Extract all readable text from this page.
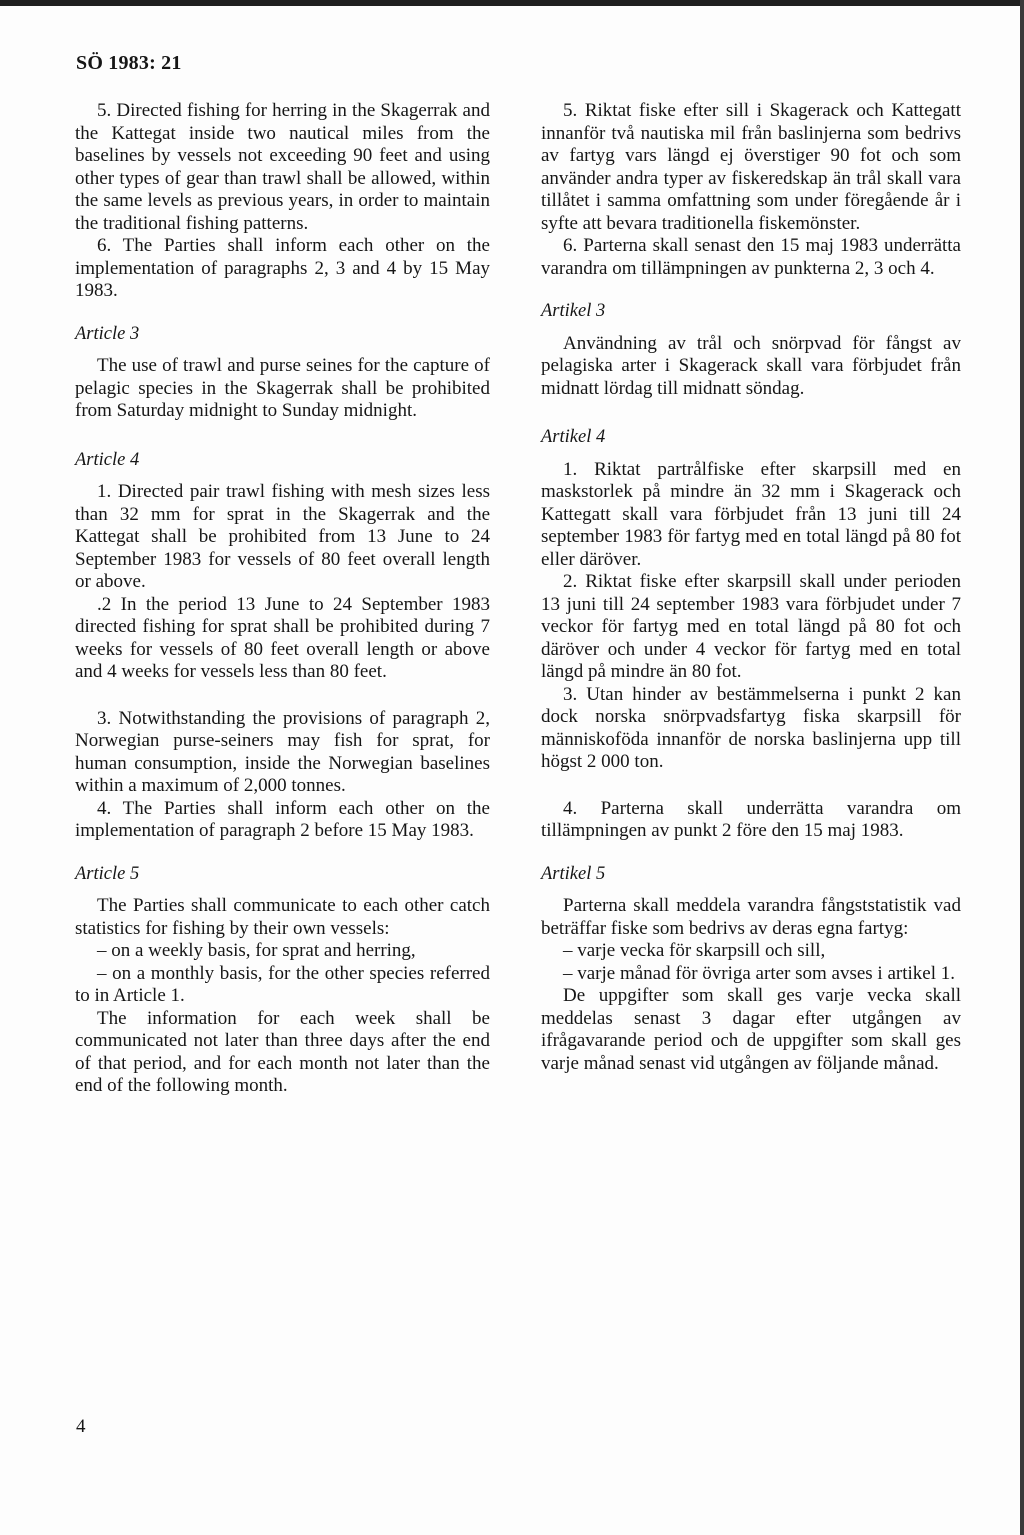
SÖ 1983: 21

5. Directed fishing for herring in the Skagerrak and the Kattegat inside two nautical miles from the baselines by vessels not exceeding 90 feet and using other types of gear than trawl shall be allowed, within the same levels as previous years, in order to maintain the traditional fishing patterns.

6. The Parties shall inform each other on the implementation of paragraphs 2, 3 and 4 by 15 May 1983.

Article 3

The use of trawl and purse seines for the capture of pelagic species in the Skagerrak shall be prohibited from Saturday midnight to Sunday midnight.

Article 4

1. Directed pair trawl fishing with mesh sizes less than 32 mm for sprat in the Skagerrak and the Kattegat shall be prohibited from 13 June to 24 September 1983 for vessels of 80 feet overall length or above.

.2 In the period 13 June to 24 September 1983 directed fishing for sprat shall be prohibited during 7 weeks for vessels of 80 feet overall length or above and 4 weeks for vessels less than 80 feet.

3. Notwithstanding the provisions of paragraph 2, Norwegian purse-seiners may fish for sprat, for human consumption, inside the Norwegian baselines within a maximum of 2,000 tonnes.

4. The Parties shall inform each other on the implementation of paragraph 2 before 15 May 1983.

Article 5

The Parties shall communicate to each other catch statistics for fishing by their own vessels:

– on a weekly basis, for sprat and herring,

– on a monthly basis, for the other species referred to in Article 1.

The information for each week shall be communicated not later than three days after the end of that period, and for each month not later than the end of the following month.

5. Riktat fiske efter sill i Skagerack och Kattegatt innanför två nautiska mil från baslinjerna som bedrivs av fartyg vars längd ej överstiger 90 fot och som använder andra typer av fiskeredskap än trål skall vara tillåtet i samma omfattning som under föregående år i syfte att bevara traditionella fiskemönster.

6. Parterna skall senast den 15 maj 1983 underrätta varandra om tillämpningen av punkterna 2, 3 och 4.

Artikel 3

Användning av trål och snörpvad för fångst av pelagiska arter i Skagerack skall vara förbjudet från midnatt lördag till midnatt söndag.

Artikel 4

1. Riktat partrålfiske efter skarpsill med en maskstorlek på mindre än 32 mm i Skagerack och Kattegatt skall vara förbjudet från 13 juni till 24 september 1983 för fartyg med en total längd på 80 fot eller däröver.

2. Riktat fiske efter skarpsill skall under perioden 13 juni till 24 september 1983 vara förbjudet under 7 veckor för fartyg med en total längd på 80 fot och däröver och under 4 veckor för fartyg med en total längd på mindre än 80 fot.

3. Utan hinder av bestämmelserna i punkt 2 kan dock norska snörpvadsfartyg fiska skarpsill för människoföda innanför de norska baslinjerna upp till högst 2 000 ton.

4. Parterna skall underrätta varandra om tillämpningen av punkt 2 före den 15 maj 1983.

Artikel 5

Parterna skall meddela varandra fångststatistik vad beträffar fiske som bedrivs av deras egna fartyg:

– varje vecka för skarpsill och sill,

– varje månad för övriga arter som avses i artikel 1.

De uppgifter som skall ges varje vecka skall meddelas senast 3 dagar efter utgången av ifrågavarande period och de uppgifter som skall ges varje månad senast vid utgången av följande månad.

4
